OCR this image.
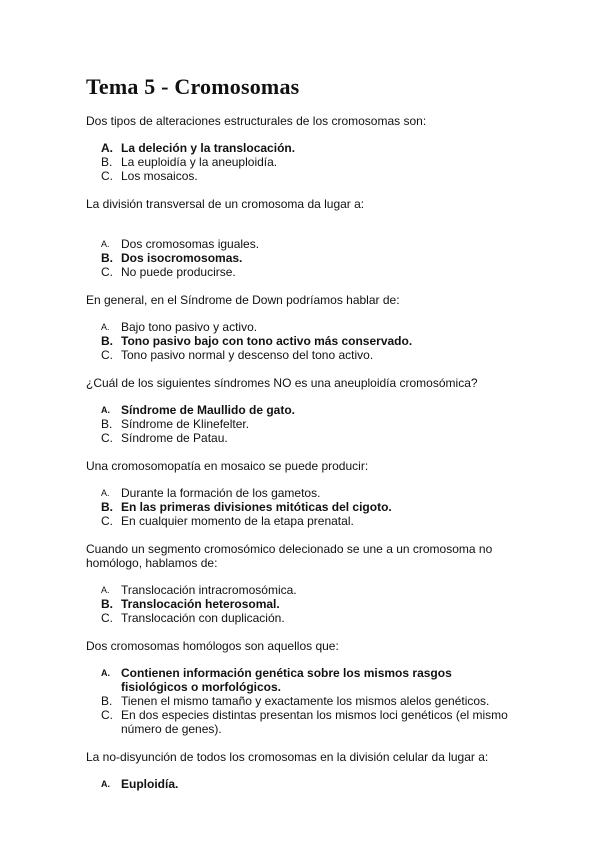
Tema 5 - Cromosomas

Dos tipos de alteraciones estructurales de los cromosomas son:

A. La deleción y la translocación.
B. La euploidía y la aneuploidía.
C. Los mosaicos.

La división transversal de un cromosoma da lugar a:

A. Dos cromosomas iguales.
B. Dos isocromosomas.
C. No puede producirse.

En general, en el Síndrome de Down podríamos hablar de:

A. Bajo tono pasivo y activo.
B. Tono pasivo bajo con tono activo más conservado.
C. Tono pasivo normal y descenso del tono activo.

¿Cuál de los siguientes síndromes NO es una aneuploidía cromosómica?

A. Síndrome de Maullido de gato.
B. Síndrome de Klinefelter.
C. Síndrome de Patau.

Una cromosomopatía en mosaico se puede producir:

A. Durante la formación de los gametos.
B. En las primeras divisiones mitóticas del cigoto.
C. En cualquier momento de la etapa prenatal.

Cuando un segmento cromosómico delecionado se une a un cromosoma no homólogo, hablamos de:

A. Translocación intracromosómica.
B. Translocación heterosomal.
C. Translocación con duplicación.

Dos cromosomas homólogos son aquellos que:

A. Contienen información genética sobre los mismos rasgos fisiológicos o morfológicos.
B. Tienen el mismo tamaño y exactamente los mismos alelos genéticos.
C. En dos especies distintas presentan los mismos loci genéticos (el mismo número de genes).

La no-disyunción de todos los cromosomas en la división celular da lugar a:

A. Euploidía.
